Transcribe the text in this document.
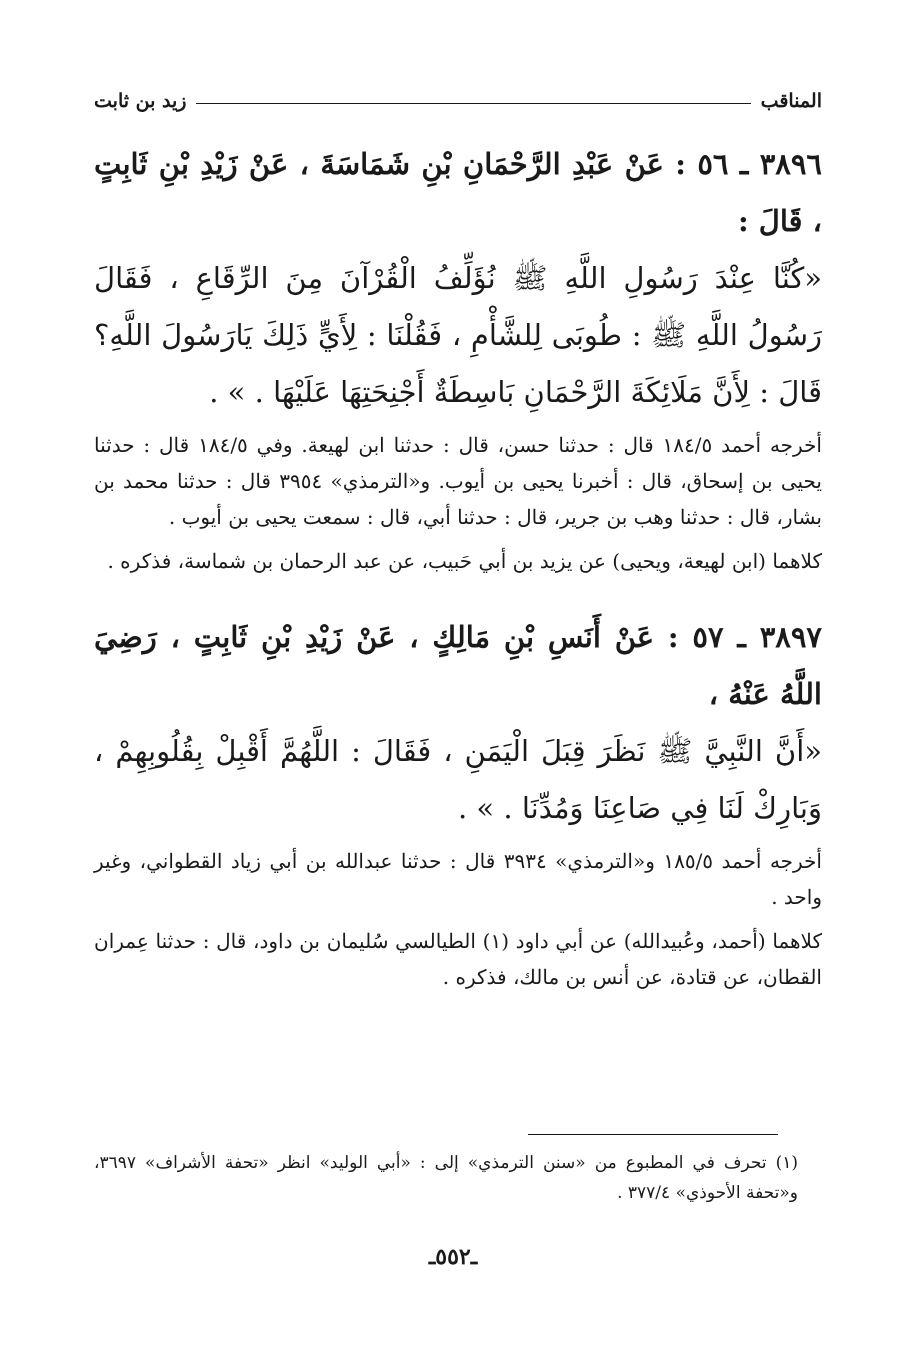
المناقب
زيد بن ثابت

٣٨٩٦ ـ ٥٦ : عَنْ عَبْدِ الرَّحْمَانِ بْنِ شَمَاسَةَ ، عَنْ زَيْدِ بْنِ ثَابِتٍ ، قَالَ :

«كُنَّا عِنْدَ رَسُولِ اللَّهِ ﷺ نُؤَلِّفُ الْقُرْآنَ مِنَ الرِّقَاعِ ، فَقَالَ رَسُولُ اللَّهِ ﷺ : طُوبَى لِلشَّأْمِ ، فَقُلْنَا : لِأَيٍّ ذَلِكَ يَارَسُولَ اللَّهِ؟ قَالَ : لِأَنَّ مَلَائِكَةَ الرَّحْمَانِ بَاسِطَةٌ أَجْنِحَتِهَا عَلَيْهَا . » .

أخرجه أحمد ١٨٤/٥ قال : حدثنا حسن، قال : حدثنا ابن لهيعة. وفي ١٨٤/٥ قال : حدثنا يحيى بن إسحاق، قال : أخبرنا يحيى بن أيوب. و«الترمذي» ٣٩٥٤ قال : حدثنا محمد بن بشار، قال : حدثنا وهب بن جرير، قال : حدثنا أبي، قال : سمعت يحيى بن أيوب .

كلاهما (ابن لهيعة، ويحيى) عن يزيد بن أبي حَبيب، عن عبد الرحمان بن شماسة، فذكره .

٣٨٩٧ ـ ٥٧ : عَنْ أَنَسِ بْنِ مَالِكٍ ، عَنْ زَيْدِ بْنِ ثَابِتٍ ، رَضِيَ اللَّهُ عَنْهُ ،

«أَنَّ النَّبِيَّ ﷺ نَظَرَ قِبَلَ الْيَمَنِ ، فَقَالَ : اللَّهُمَّ أَقْبِلْ بِقُلُوبِهِمْ ، وَبَارِكْ لَنَا فِي صَاعِنَا وَمُدِّنَا . » .

أخرجه أحمد ١٨٥/٥ و«الترمذي» ٣٩٣٤ قال : حدثنا عبدالله بن أبي زياد القطواني، وغير واحد .

كلاهما (أحمد، وعُبيدالله) عن أبي داود (١) الطيالسي سُليمان بن داود، قال : حدثنا عِمران القطان، عن قتادة، عن أنس بن مالك، فذكره .

(١) تحرف في المطبوع من «سنن الترمذي» إلى : «أبي الوليد» انظر «تحفة الأشراف» ٣٦٩٧، و«تحفة الأحوذي» ٣٧٧/٤ .

ـ٥٥٢ـ
